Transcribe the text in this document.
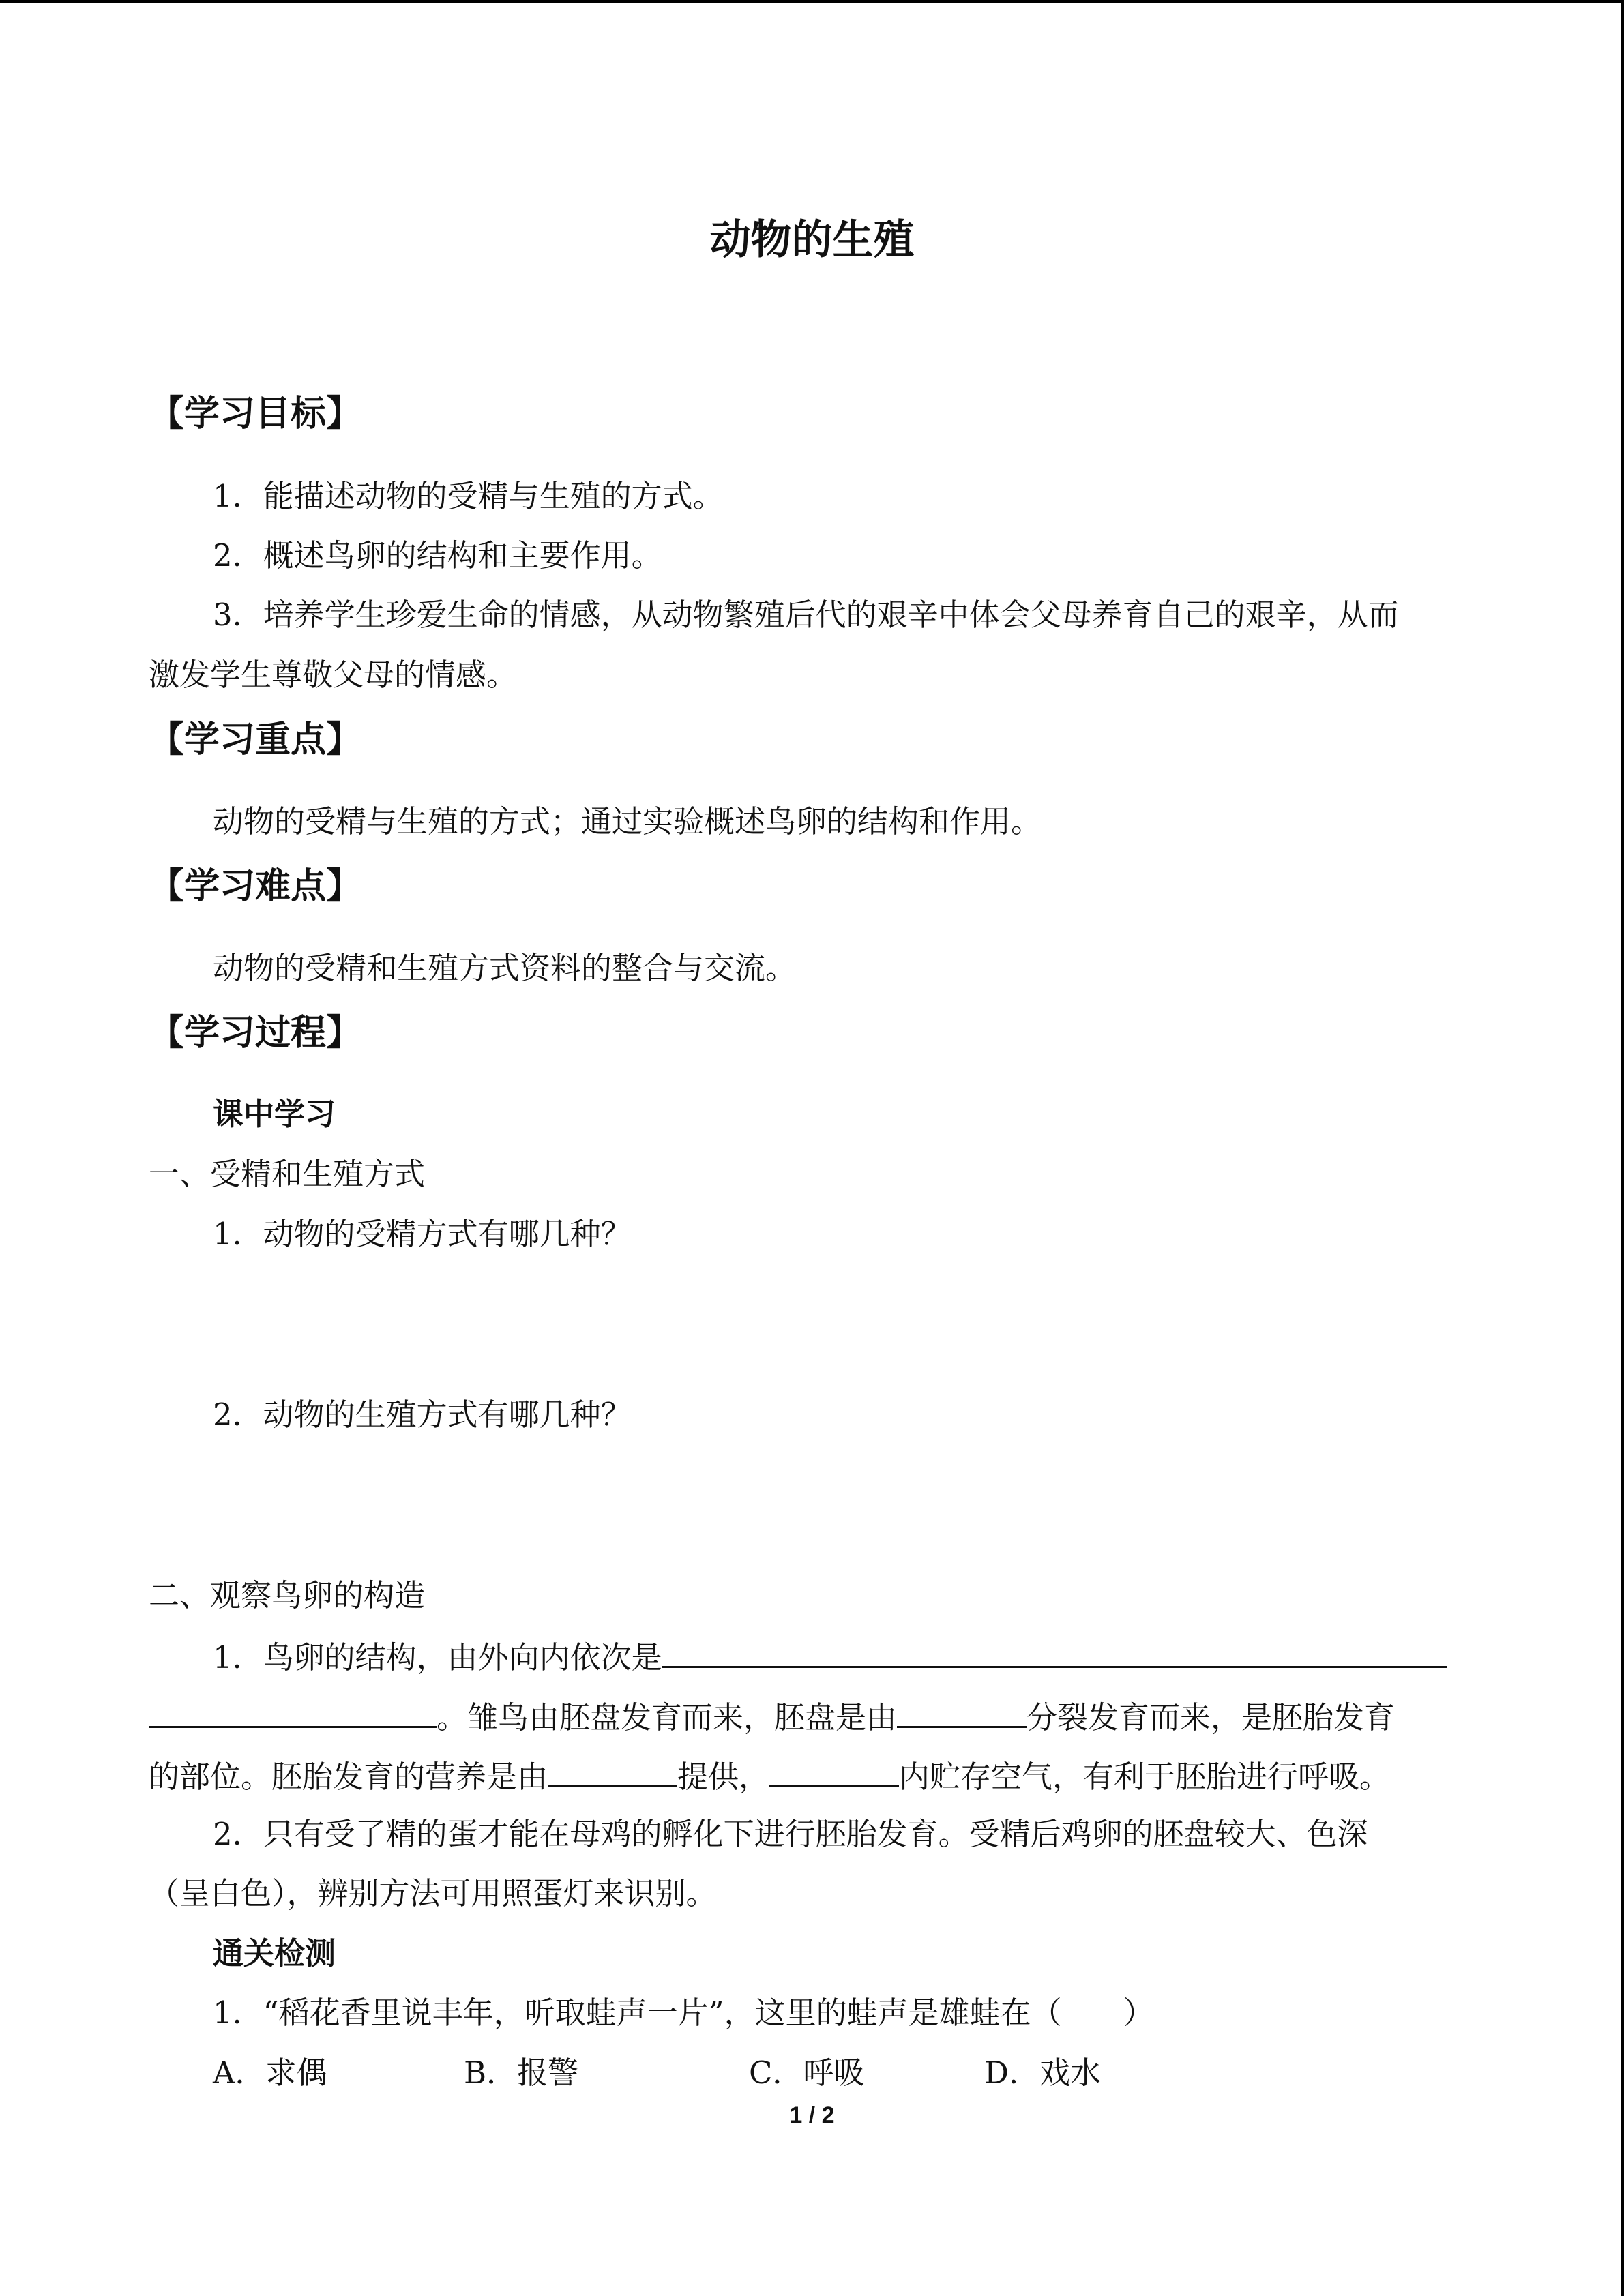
动物的生殖
【学习目标】
1．能描述动物的受精与生殖的方式。
2．概述鸟卵的结构和主要作用。
3．培养学生珍爱生命的情感，从动物繁殖后代的艰辛中体会父母养育自己的艰辛，从而
激发学生尊敬父母的情感。
【学习重点】
动物的受精与生殖的方式；通过实验概述鸟卵的结构和作用。
【学习难点】
动物的受精和生殖方式资料的整合与交流。
【学习过程】
课中学习
一、受精和生殖方式
1．动物的受精方式有哪几种？
2．动物的生殖方式有哪几种？
二、观察鸟卵的构造
1．鸟卵的结构，由外向内依次是
。雏鸟由胚盘发育而来，胚盘是由	分裂发育而来，是胚胎发育
的部位。胚胎发育的营养是由	提供，	内贮存空气，有利于胚胎进行呼吸。
2．只有受了精的蛋才能在母鸡的孵化下进行胚胎发育。受精后鸡卵的胚盘较大、色深
（呈白色），辨别方法可用照蛋灯来识别。
通关检测
1．“稻花香里说丰年，听取蛙声一片”，这里的蛙声是雄蛙在（　　）
A．求偶	B．报警	C．呼吸	D．戏水
1 / 2
